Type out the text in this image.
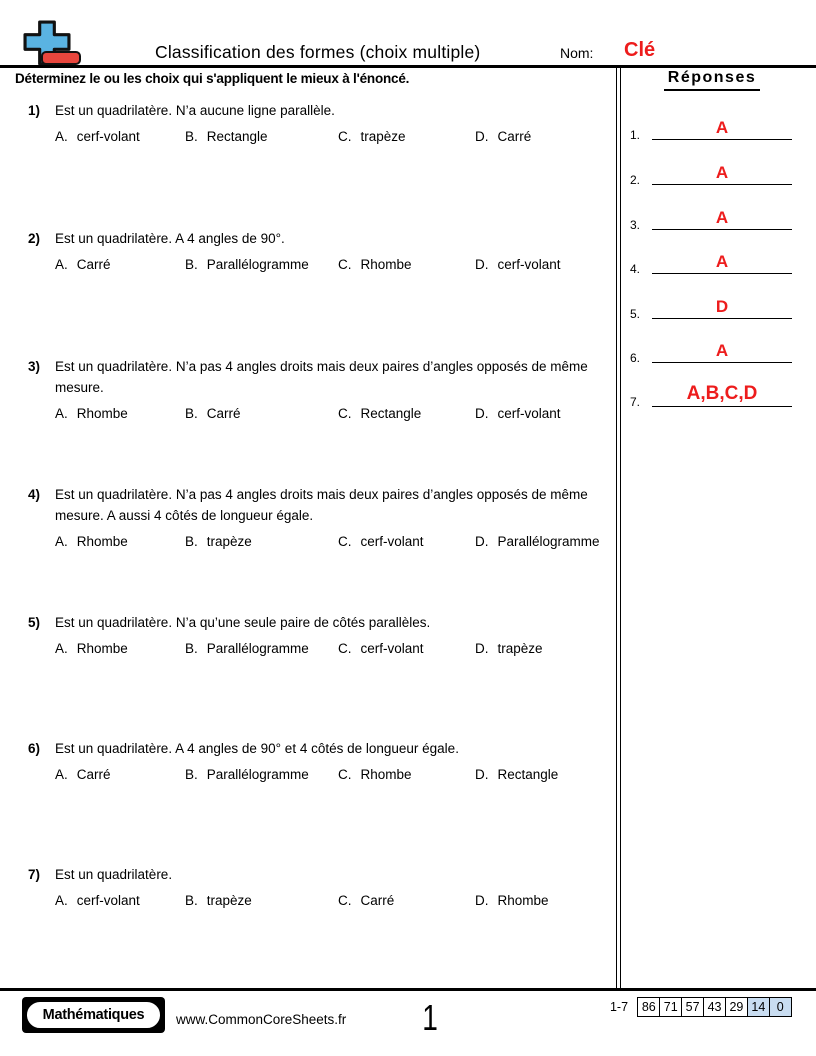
Classification des formes (choix multiple)	Nom: Clé
Déterminez le ou les choix qui s'appliquent le mieux à l'énoncé.	Réponses
1.	A
2.	A
3.	A
4.	A
5.	D
6.	A
7.	A,B,C,D
1)	Est un quadrilatère. N’a aucune ligne parallèle.
A. cerf-volant	B. Rectangle	C. trapèze	D. Carré
2)	Est un quadrilatère. A 4 angles de 90°.
A. Carré	B. Parallélogramme	C. Rhombe	D. cerf-volant
3)	Est un quadrilatère. N’a pas 4 angles droits mais deux paires d’angles opposés de même mesure.
A. Rhombe	B. Carré	C. Rectangle	D. cerf-volant
4)	Est un quadrilatère. N’a pas 4 angles droits mais deux paires d’angles opposés de même mesure. A aussi 4 côtés de longueur égale.
A. Rhombe	B. trapèze	C. cerf-volant	D. Parallélogramme
5)	Est un quadrilatère. N’a qu’une seule paire de côtés parallèles.
A. Rhombe	B. Parallélogramme	C. cerf-volant	D. trapèze
6)	Est un quadrilatère. A 4 angles de 90° et 4 côtés de longueur égale.
A. Carré	B. Parallélogramme	C. Rhombe	D. Rectangle
7)	Est un quadrilatère.
A. cerf-volant	B. trapèze	C. Carré	D. Rhombe
Mathématiques	www.CommonCoreSheets.fr	1	1-7	86 71 57 43 29 14 0
